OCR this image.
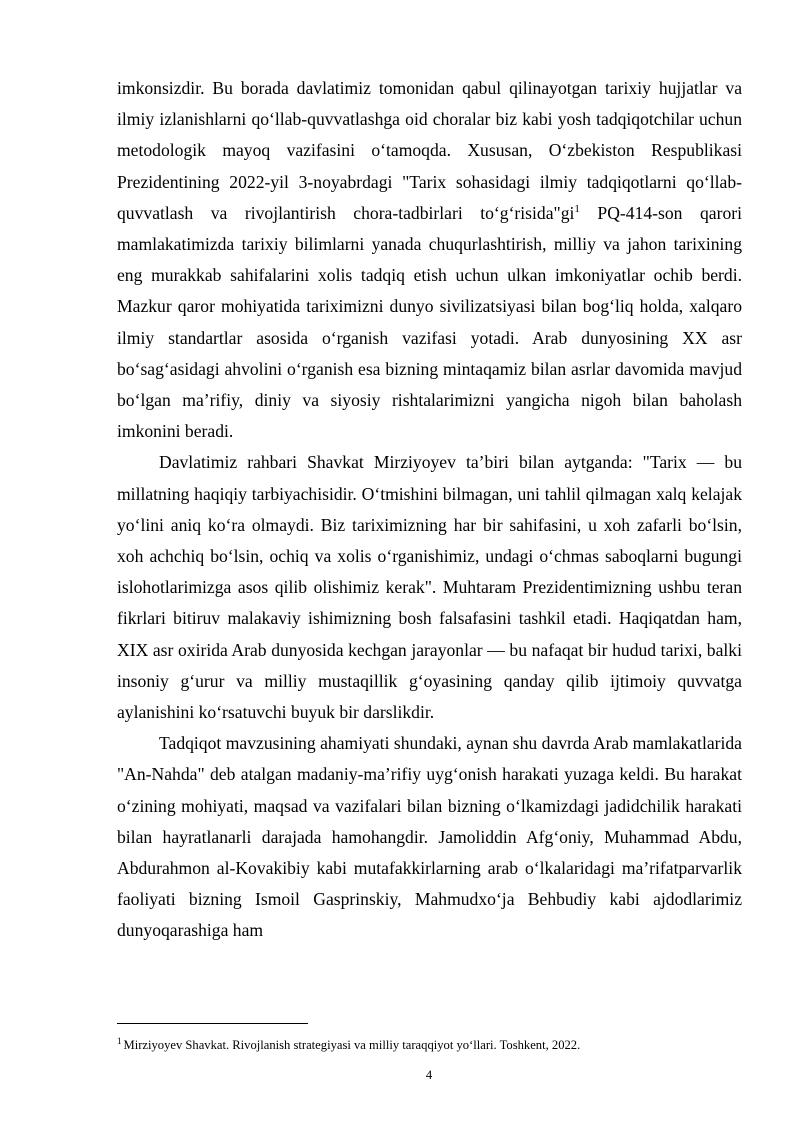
imkonsizdir. Bu borada davlatimiz tomonidan qabul qilinayotgan tarixiy hujjatlar va ilmiy izlanishlarni qo‘llab-quvvatlashga oid choralar biz kabi yosh tadqiqotchilar uchun metodologik mayoq vazifasini o‘tamoqda. Xususan, O‘zbekiston Respublikasi Prezidentining 2022-yil 3-noyabrdagi "Tarix sohasidagi ilmiy tadqiqotlarni qo‘llab-quvvatlash va rivojlantirish chora-tadbirlari to‘g‘risida"gi$^1$ PQ-414-son qarori mamlakatimizda tarixiy bilimlarni yanada chuqurlashtirish, milliy va jahon tarixining eng murakkab sahifalarini xolis tadqiq etish uchun ulkan imkoniyatlar ochib berdi. Mazkur qaror mohiyatida tariximizni dunyo sivilizatsiyasi bilan bog‘liq holda, xalqaro ilmiy standartlar asosida o‘rganish vazifasi yotadi. Arab dunyosining XX asr bo‘sag‘asidagi ahvolini o‘rganish esa bizning mintaqamiz bilan asrlar davomida mavjud bo‘lgan ma’rifiy, diniy va siyosiy rishtalarimizni yangicha nigoh bilan baholash imkonini beradi.

Davlatimiz rahbari Shavkat Mirziyoyev ta’biri bilan aytganda: "Tarix — bu millatning haqiqiy tarbiyachisidir. O‘tmishini bilmagan, uni tahlil qilmagan xalq kelajak yo‘lini aniq ko‘ra olmaydi. Biz tariximizning har bir sahifasini, u xoh zafarli bo‘lsin, xoh achchiq bo‘lsin, ochiq va xolis o‘rganishimiz, undagi o‘chmas saboqlarni bugungi islohotlarimizga asos qilib olishimiz kerak". Muhtaram Prezidentimizning ushbu teran fikrlari bitiruv malakaviy ishimizning bosh falsafasini tashkil etadi. Haqiqatdan ham, XIX asr oxirida Arab dunyosida kechgan jarayonlar — bu nafaqat bir hudud tarixi, balki insoniy g‘urur va milliy mustaqillik g‘oyasining qanday qilib ijtimoiy quvvatga aylanishini ko‘rsatuvchi buyuk bir darslikdir.

Tadqiqot mavzusining ahamiyati shundaki, aynan shu davrda Arab mamlakatlarida "An-Nahda" deb atalgan madaniy-ma’rifiy uyg‘onish harakati yuzaga keldi. Bu harakat o‘zining mohiyati, maqsad va vazifalari bilan bizning o‘lkamizdagi jadidchilik harakati bilan hayratlanarli darajada hamohangdir. Jamoliddin Afg‘oniy, Muhammad Abdu, Abdurahmon al-Kovakibiy kabi mutafakkirlarning arab o‘lkalaridagi ma’rifatparvarlik faoliyati bizning Ismoil Gasprinskiy, Mahmudxo‘ja Behbudiy kabi ajdodlarimiz dunyoqarashiga ham

$^1$ Mirziyoyev Shavkat. Rivojlanish strategiyasi va milliy taraqqiyot yo‘llari. Toshkent, 2022.
4
